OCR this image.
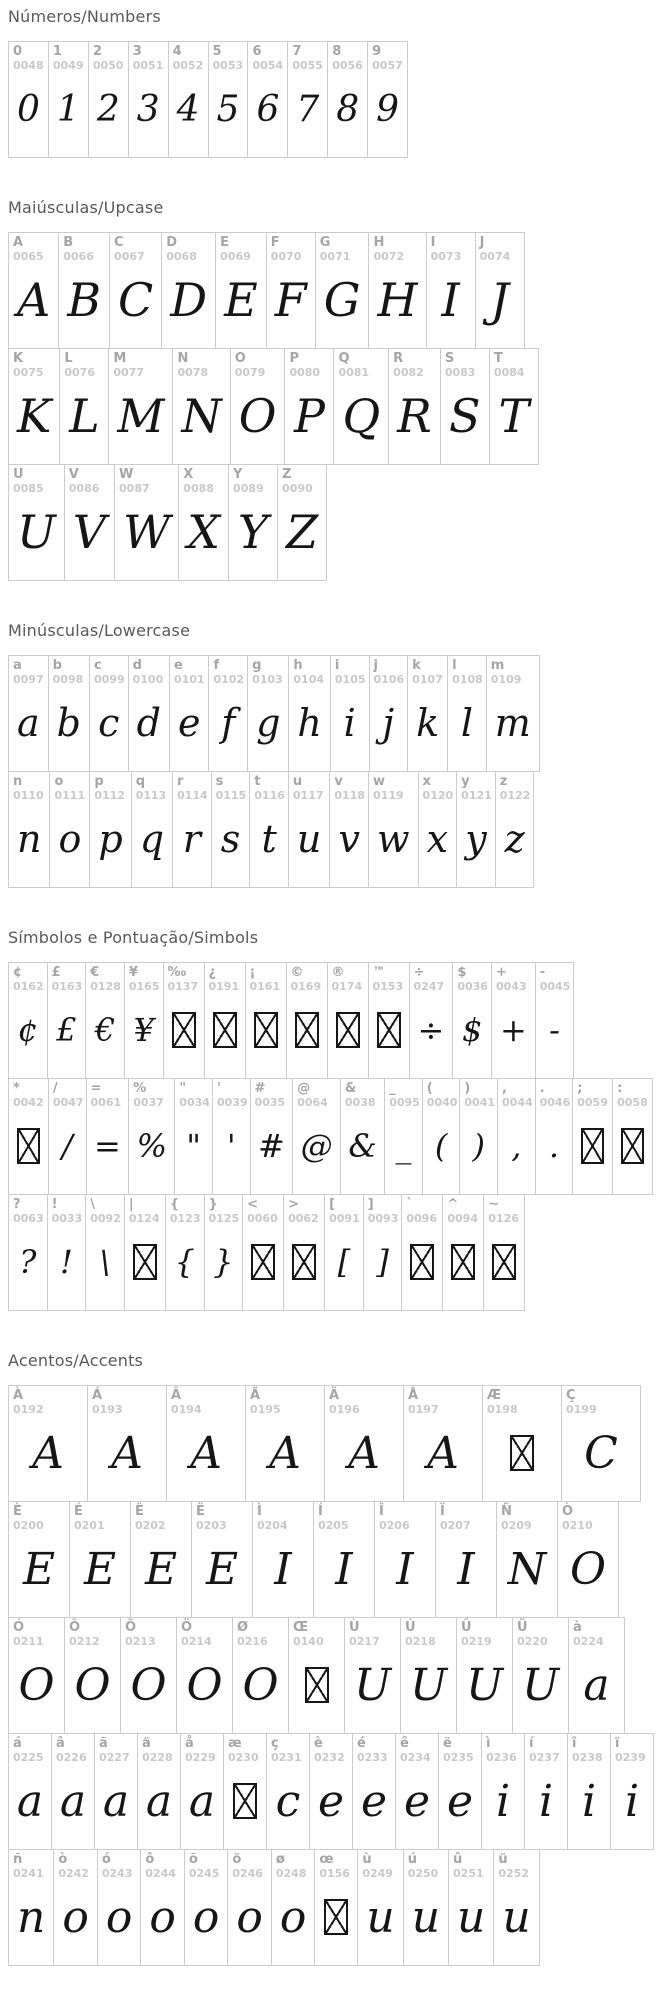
Números/Numbers
0
0048
0
1
0049
1
2
0050
2
3
0051
3
4
0052
4
5
0053
5
6
0054
6
7
0055
7
8
0056
8
9
0057
9
Maiúsculas/Upcase
A
0065
A
B
0066
B
C
0067
C
D
0068
D
E
0069
E
F
0070
F
G
0071
G
H
0072
H
I
0073
I
J
0074
J
K
0075
K
L
0076
L
M
0077
M
N
0078
N
O
0079
O
P
0080
P
Q
0081
Q
R
0082
R
S
0083
S
T
0084
T
U
0085
U
V
0086
V
W
0087
W
X
0088
X
Y
0089
Y
Z
0090
Z
Minúsculas/Lowercase
a
0097
a
b
0098
b
c
0099
c
d
0100
d
e
0101
e
f
0102
f
g
0103
g
h
0104
h
i
0105
i
j
0106
j
k
0107
k
l
0108
l
m
0109
m
n
0110
n
o
0111
o
p
0112
p
q
0113
q
r
0114
r
s
0115
s
t
0116
t
u
0117
u
v
0118
v
w
0119
w
x
0120
x
y
0121
y
z
0122
z
Símbolos e Pontuação/Simbols
¢
0162
¢
£
0163
£
€
0128
€
¥
0165
¥
‰
0137
¿
0191
¡
0161
©
0169
®
0174
™
0153
÷
0247
÷
$
0036
$
+
0043
+
-
0045
-
*
0042
/
0047
/
=
0061
=
%
0037
%
"
0034
"
'
0039
'
#
0035
#
@
0064
@
&
0038
&
_
0095
_
(
0040
(
)
0041
)
,
0044
,
.
0046
.
;
0059
:
0058
?
0063
?
!
0033
!
\
0092
\
|
0124
{
0123
{
}
0125
}
<
0060
>
0062
[
0091
[
]
0093
]
`
0096
^
0094
~
0126
Acentos/Accents
À
0192
A
Á
0193
A
Â
0194
A
Ã
0195
A
Ä
0196
A
Å
0197
A
Æ
0198
Ç
0199
C
È
0200
E
É
0201
E
Ê
0202
E
Ë
0203
E
Ì
0204
I
Í
0205
I
Î
0206
I
Ï
0207
I
Ñ
0209
N
Ò
0210
O
Ó
0211
O
Ô
0212
O
Õ
0213
O
Ö
0214
O
Ø
0216
O
Œ
0140
Ù
0217
U
Ú
0218
U
Û
0219
U
Ü
0220
U
à
0224
a
á
0225
a
â
0226
a
ã
0227
a
ä
0228
a
å
0229
a
æ
0230
ç
0231
c
è
0232
e
é
0233
e
ê
0234
e
ë
0235
e
ì
0236
i
í
0237
i
î
0238
i
ï
0239
i
ñ
0241
n
ò
0242
o
ó
0243
o
ô
0244
o
õ
0245
o
ö
0246
o
ø
0248
o
œ
0156
ù
0249
u
ú
0250
u
û
0251
u
ü
0252
u
